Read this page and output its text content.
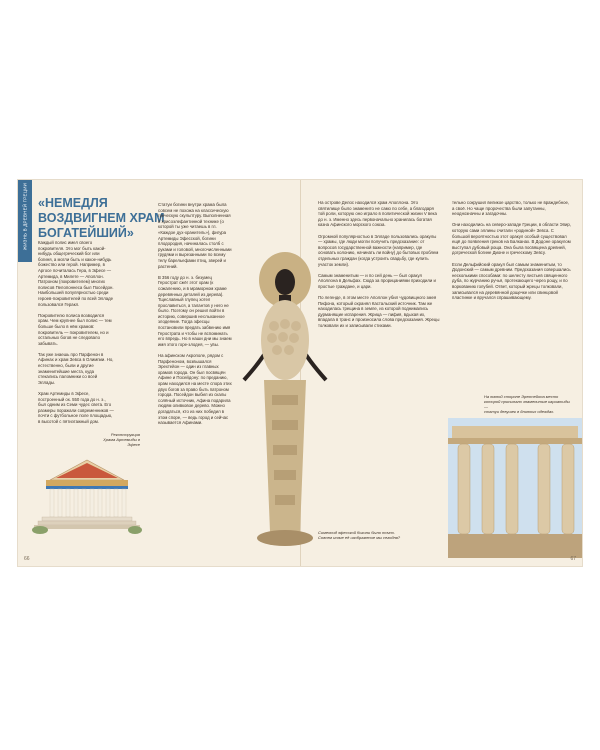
ЖИЗНЬ В ДРЕВНЕЙ ГРЕЦИИ «НЕМЕДЛЯ ВОЗДВИГНЕМ ХРАМ БОГАТЕЙШИЙ»

Каждый полис имел своего покровителя. Это мог быть какой-нибудь общегреческий бог или богиня, а могли быть и какое-нибудь божество или герой. Например, в Аргосе почиталась Гера, в Эфесе — Артемида, в Милете — Аполлон. Патроном (покровителем) многих полисов Пелопоннеса был Посейдон. Наибольшей популярностью среди героев-покровителей по всей Элладе пользовался Геракл.

Покровителю полиса возводился храм. Чем крупнее был полис — тем больше было в нём храмов: покровитель — покровителем, но и остальных богов не следовало забывать.

Так уже знаешь про Парфенон в Афинах и храм Зевса в Олимпии. Но, естественно, были и другие знаменитейшие места, куда стекались паломники со всей Эллады.

Храм Артемиды в Эфесе, построенный ок. 550 года до н. э., был одним из Семи чудес света. Его размеры поражали современников — почти с футбольное поле площадью, в высотой с пятиэтажный дом.

Реконструкция Храма Артемиды в Эфесе

Статуи богини внутри храма была совсем не похожа на классическую греческую скульптуру. Выполненная в хрисоэлефантинной технике (о которой ты уже читаешь в гл. «Каждое дух-хранитель»), фигура Артемиды Эфесской, богини плодородия, начиналась столб с руками и головой, многочисленными грудями и вырезанными по всему телу барельефами птиц, зверей и растений.

В 356 году до н. э. безумец Герострат сжёг этот храм (к сожалению, и в мраморном храме деревянных деталей из дерева). Тщеславный глупец хотел прославиться, а талантов у него не было. Поэтому он решил войти в историю, совершив неслыханное злодеяние. Тогда эфесцы постановили предать забвению имя Герострата и чтобы не вспоминать его впредь. Но в наши дни мы знаем имя этого горе-злодея, — увы.

На афинском Акрополе, рядом с Парфеноном, возвышался Эрехтейон — один из главных храмов города. Он был посвящён Афине и Посейдону: по преданию, храм находился на месте спора этих двух богов за право быть патроном города. Посейдон выбил из скалы солёный источник, Афина подарила людям оливковое дерево. Можно догадаться, кто из них победил в этом споре, — ведь город и сейчас называется Афинами.

66

На острове Делос находился храм Аполлона. Это святилище было знаменито не само по себе, а благодаря той роли, которую оно играло в политической жизни V века до н. э. Именно здесь первоначально хранилась богатая казна Афинского морского союза.

Огромной популярностью в Элладе пользовались оракулы — храмы, где люди могли получить предсказание: от вопросов государственной важности (например, где основать колонию, начинать ли войну) до бытовых проблем отдельных граждан (когда устроить свадьбу, где купить участок земли).

Самым знаменитым — и по сей день — был оракул Аполлона в Дельфах. Сюда за прорицаниями приходили и простые граждане, и цари.

По легенде, в этом месте Аполлон убил чудовищного змея Пифона, который охранял Кастальский источник. Там же находилась трещина в земле, из которой поднимались дурманящие испарения. Жрица — пифия, вдыхая их, впадала в транс и произносила слова предсказания. Жрецы толковали их и записывали стихами.

Симеонид эфесской богини было точно.
Совсем иначе её изображение мы сегодня?

тельно сокрушил великое царство, только не враждебное, а своё. Но чаще пророчества были запутанны, неоднозначны и загадочны.

Они находились на северо-западе Греции, в области Эпир, которую сами эллины считали «родиной» Зевса. С большой вероятностью этот оракул особый существовал ещё до появления греков на Балканах. В Додоне оракулом выступал дубовый роща. Она была посвящена древней, догреческой богине Дионе и греческому Зевсу.

Если Дельфийский оракул был самым знаменитым, то Додонский — самым древним. Предсказания совершались несколькими способами: по шелесту листьев священного дуба, по журчанию ручья, протекающего через рощу, и по воркованию голубей. Ответ, который жрецы толковали, записывался на деревянной дощечке или свинцовой пластинке и вручался спрашивающему.

На южной стороне Эрехтейона место
которой присыпало знаменитые кариатиды —
статуи девушек в длинных одеждах.
67
